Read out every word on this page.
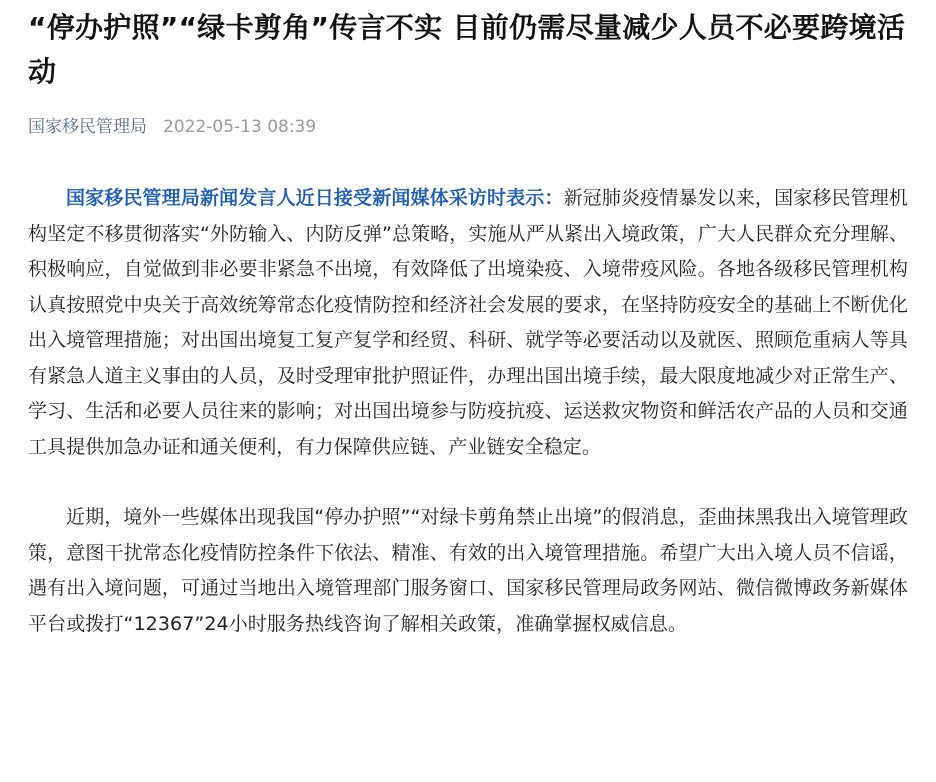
“停办护照”“绿卡剪角”传言不实 目前仍需尽量减少人员不必要跨境活动
国家移民管理局 2022-05-13 08:39

国家移民管理局新闻发言人近日接受新闻媒体采访时表示：新冠肺炎疫情暴发以来，国家移民管理机构坚定不移贯彻落实“外防输入、内防反弹”总策略，实施从严从紧出入境政策，广大人民群众充分理解、积极响应，自觉做到非必要非紧急不出境，有效降低了出境染疫、入境带疫风险。各地各级移民管理机构认真按照党中央关于高效统筹常态化疫情防控和经济社会发展的要求，在坚持防疫安全的基础上不断优化出入境管理措施；对出国出境复工复产复学和经贸、科研、就学等必要活动以及就医、照顾危重病人等具有紧急人道主义事由的人员，及时受理审批护照证件，办理出国出境手续，最大限度地减少对正常生产、学习、生活和必要人员往来的影响；对出国出境参与防疫抗疫、运送救灾物资和鲜活农产品的人员和交通工具提供加急办证和通关便利，有力保障供应链、产业链安全稳定。

近期，境外一些媒体出现我国“停办护照”“对绿卡剪角禁止出境”的假消息，歪曲抹黑我出入境管理政策，意图干扰常态化疫情防控条件下依法、精准、有效的出入境管理措施。希望广大出入境人员不信谣，遇有出入境问题，可通过当地出入境管理部门服务窗口、国家移民管理局政务网站、微信微博政务新媒体平台或拨打“12367”24小时服务热线咨询了解相关政策，准确掌握权威信息。
